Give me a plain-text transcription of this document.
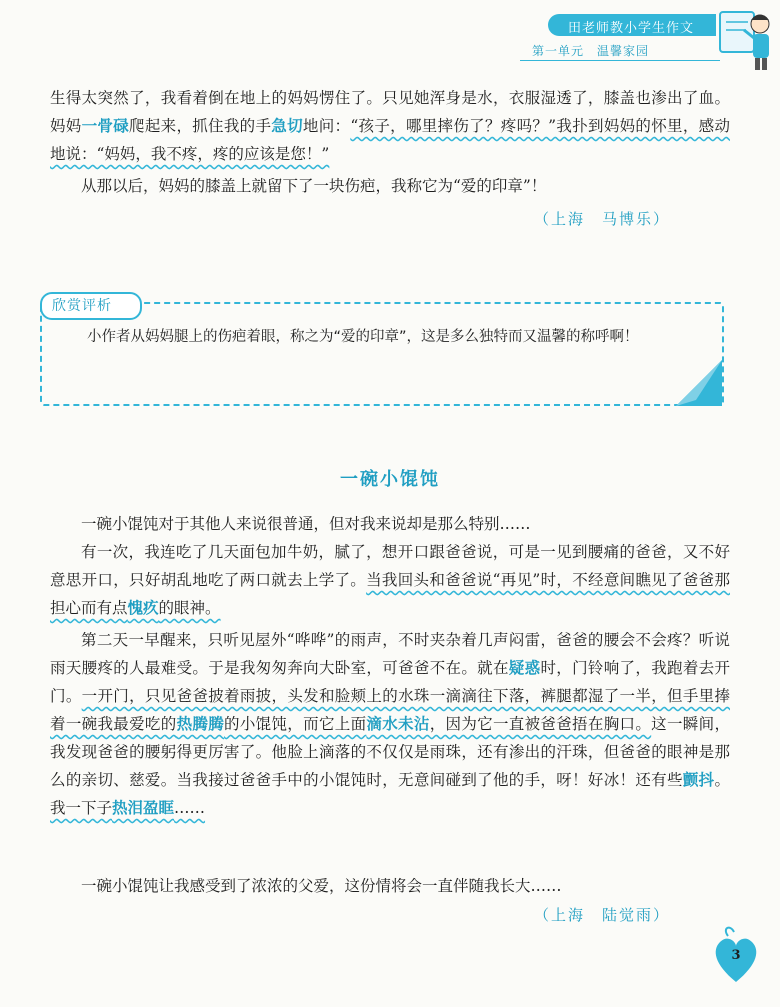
田老师教小学生作文
第一单元　温馨家园
生得太突然了，我看着倒在地上的妈妈愣住了。只见她浑身是水，衣服湿透了，膝盖也渗出了血。妈妈一骨碌爬起来，抓住我的手急切地问：“孩子，哪里摔伤了？疼吗？”我扑到妈妈的怀里，感动地说：“妈妈，我不疼，疼的应该是您！”
从那以后，妈妈的膝盖上就留下了一块伤疤，我称它为“爱的印章”！
（上海　马博乐）
欣赏评析
小作者从妈妈腿上的伤疤着眼，称之为“爱的印章”，这是多么独特而又温馨的称呼啊！
一碗小馄饨
一碗小馄饨对于其他人来说很普通，但对我来说却是那么特别……
有一次，我连吃了几天面包加牛奶，腻了，想开口跟爸爸说，可是一见到腰痛的爸爸，又不好意思开口，只好胡乱地吃了两口就去上学了。当我回头和爸爸说“再见”时，不经意间瞧见了爸爸那担心而有点愧疚的眼神。
第二天一早醒来，只听见屋外“哗哗”的雨声，不时夹杂着几声闷雷，爸爸的腰会不会疼？听说雨天腰疼的人最难受。于是我匆匆奔向大卧室，可爸爸不在。就在疑惑时，门铃响了，我跑着去开门。一开门，只见爸爸披着雨披，头发和脸颊上的水珠一滴滴往下落，裤腿都湿了一半，但手里捧着一碗我最爱吃的热腾腾的小馄饨，而它上面滴水未沾，因为它一直被爸爸捂在胸口。这一瞬间，我发现爸爸的腰躬得更厉害了。他脸上滴落的不仅仅是雨珠，还有渗出的汗珠，但爸爸的眼神是那么的亲切、慈爱。当我接过爸爸手中的小馄饨时，无意间碰到了他的手，呀！好冰！还有些颤抖。我一下子热泪盈眶……
一碗小馄饨让我感受到了浓浓的父爱，这份情将会一直伴随我长大……
（上海　陆觉雨）
3
